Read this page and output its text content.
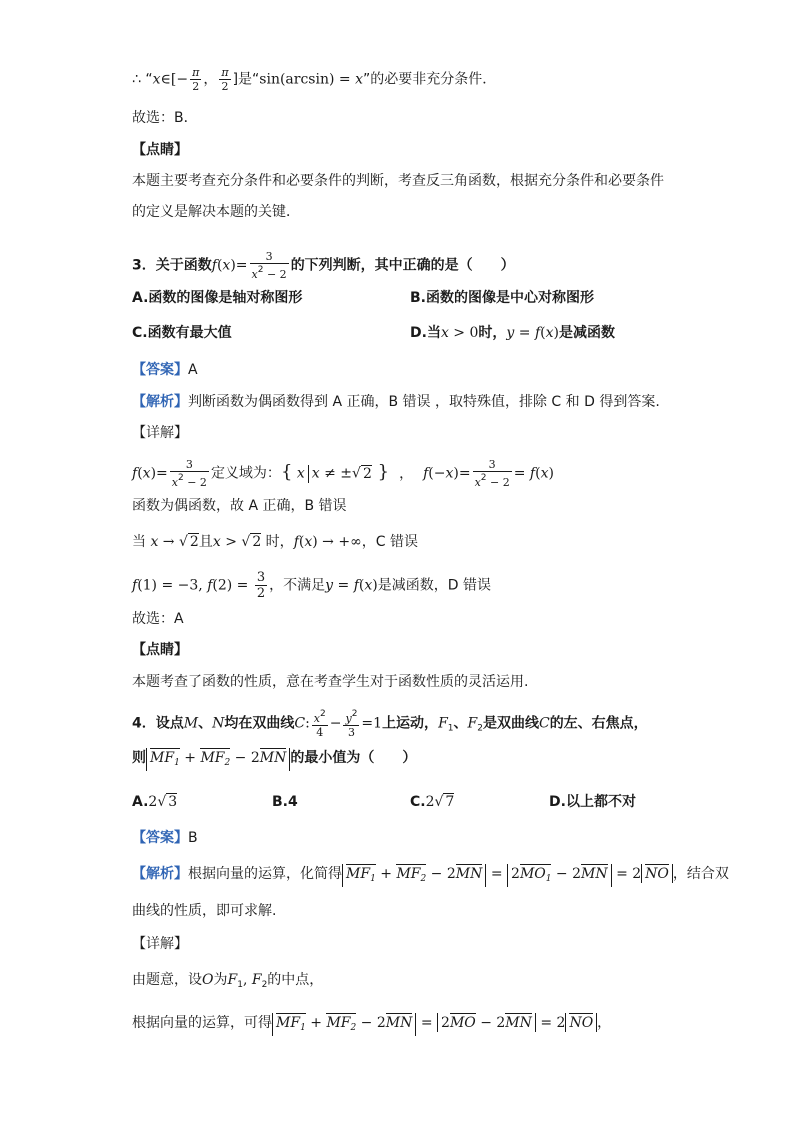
∴ “x∈[− $\frac{\pi}{2}$ ， $\frac{\pi}{2}$ ]是“sin(arcsin) = x”的必要非充分条件．
故选：B．
【点睛】
本题主要考查充分条件和必要条件的判断，考查反三角函数，根据充分条件和必要条件
的定义是解决本题的关键．
3．关于函数$f(x)= \frac{3}{x^2 - 2}$ 的下列判断，其中正确的是（　　）
A.函数的图像是轴对称图形	B.函数的图像是中心对称图形
C.函数有最大值	D.当x > 0时，y = f(x)是减函数
【答案】A
【解析】判断函数为偶函数得到 A 正确，B 错误 ，取特殊值，排除 C 和 D 得到答案.
【详解】
$f(x)= \frac{3}{x^2 - 2}$ 定义域为：{ x x ≠ ±√ 2 } ， $f(-x)= \frac{3}{x^2 - 2} = f(x)$
函数为偶函数，故 A 正确，B 错误
当 x → √ 2且x > √ 2 时，f(x) → +∞，C 错误
f(1) = −3, $f(2) = \frac{3}{2}$ ，不满足y = f(x)是减函数，D 错误
故选：A
【点睛】
本题考查了函数的性质，意在考查学生对于函数性质的灵活运用.
4．设点M、N均在双曲线C: $\frac{x^2}{4} - \frac{y^2}{3} =1$上运动，$F_1$、$F_2$是双曲线C的左、右焦点，
则 $MF_1 + MF_2 - 2MN$ 的最小值为（　　）
A.2√ 3	B.4	C.2√ 7	D.以上都不对
【答案】B
【解析】根据向量的运算，化简得 $MF_1 + MF_2 - 2MN = 2MO_1 - 2MN = 2$ NO ，结合双
曲线的性质，即可求解.
【详解】
由题意，设O为$F_1$, $F_2$的中点，
根据向量的运算，可得 $MF_1 + MF_2 - 2MN = 2MO - 2MN = 2$ NO ，
